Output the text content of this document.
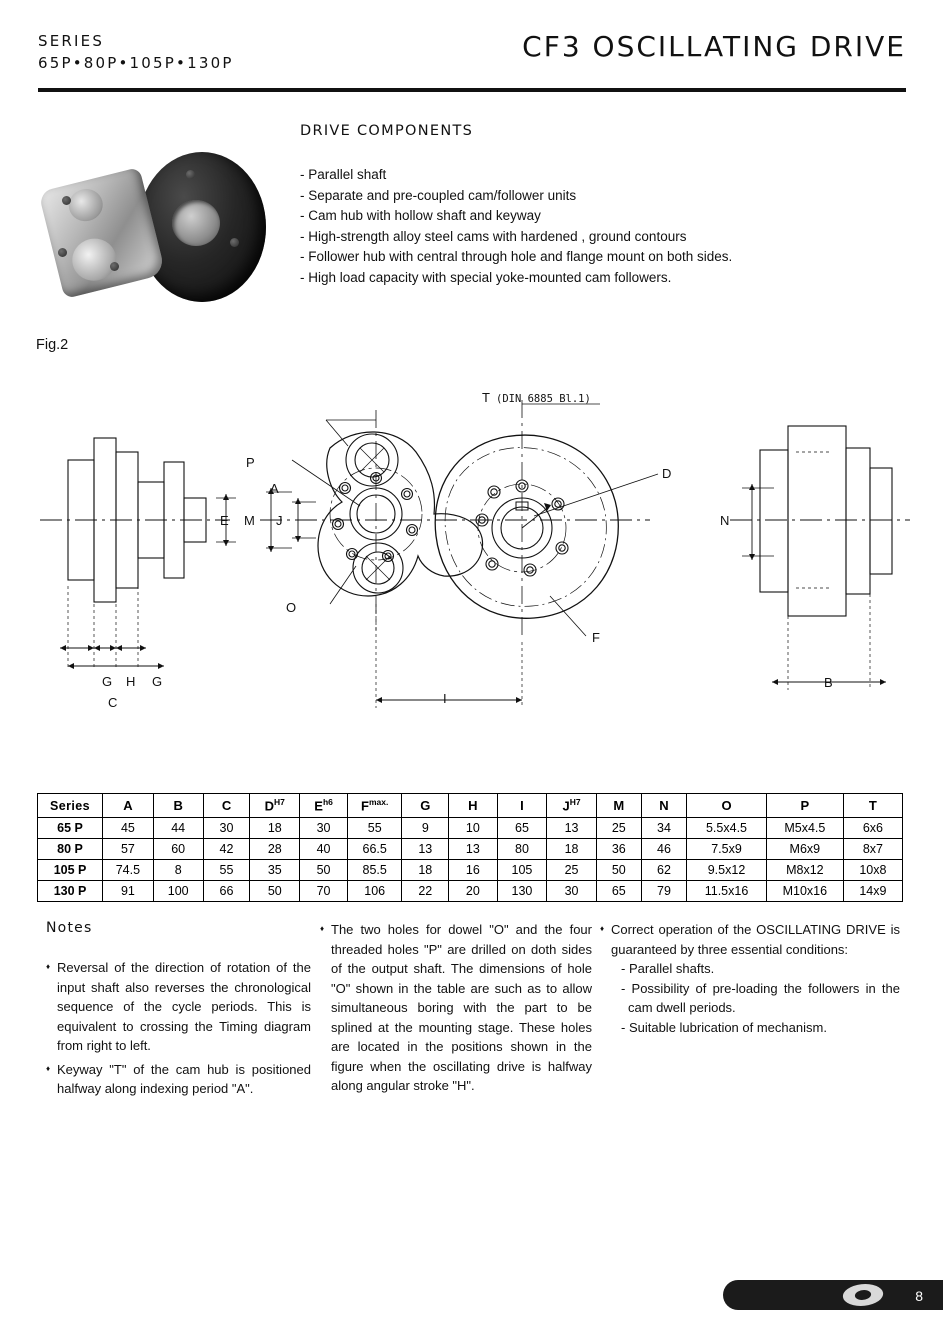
SERIES
65P•80P•105P•130P	CF3 OSCILLATING DRIVE
DRIVE COMPONENTS
- Parallel shaft
- Separate and pre-coupled cam/follower units
- Cam hub with hollow shaft and keyway
- High-strength alloy steel cams with hardened , ground contours
- Follower hub with central through hole and flange mount on both sides.
- High load capacity with special yoke-mounted cam followers.
Fig.2
E
G H G
C
M J
A
P
O
I
F
D
T
N
B
(DIN 6885 Bl.1)
Series	A	B	C	$D^{H7}$	$E^{h6}$	$F^{max.}$	G	H	I	$J^{H7}$	M	N	O	P	T
65 P	45	44	30	18	30	55	9	10	65	13	25	34	5.5x4.5	M5x4.5	6x6
80 P	57	60	42	28	40	66.5	13	13	80	18	36	46	7.5x9	M6x9	8x7
105 P	74.5	8	55	35	50	85.5	18	16	105	25	50	62	9.5x12	M8x12	10x8
130 P	91	100	66	50	70	106	22	20	130	30	65	79	11.5x16	M10x16	14x9
Notes
♦ Reversal of the direction of rotation of the input shaft also reverses the chronological sequence of the cycle periods. This is equivalent to crossing the Timing diagram from right to left.
♦ Keyway "T" of the cam hub is positioned halfway along indexing period "A".
♦ The two holes for dowel "O" and the four threaded holes "P" are drilled on doth sides of the output shaft. The dimensions of hole "O" shown in the table are such as to allow simultaneous boring with the part to be splined at the mounting stage. These holes are located in the positions shown in the figure when the oscillating drive is halfway along angular stroke "H".
♦ Correct operation of the OSCILLATING DRIVE is guaranteed by three essential conditions:
- Parallel shafts.
- Possibility of pre-loading the followers in the cam dwell periods.
- Suitable lubrication of mechanism.
8
